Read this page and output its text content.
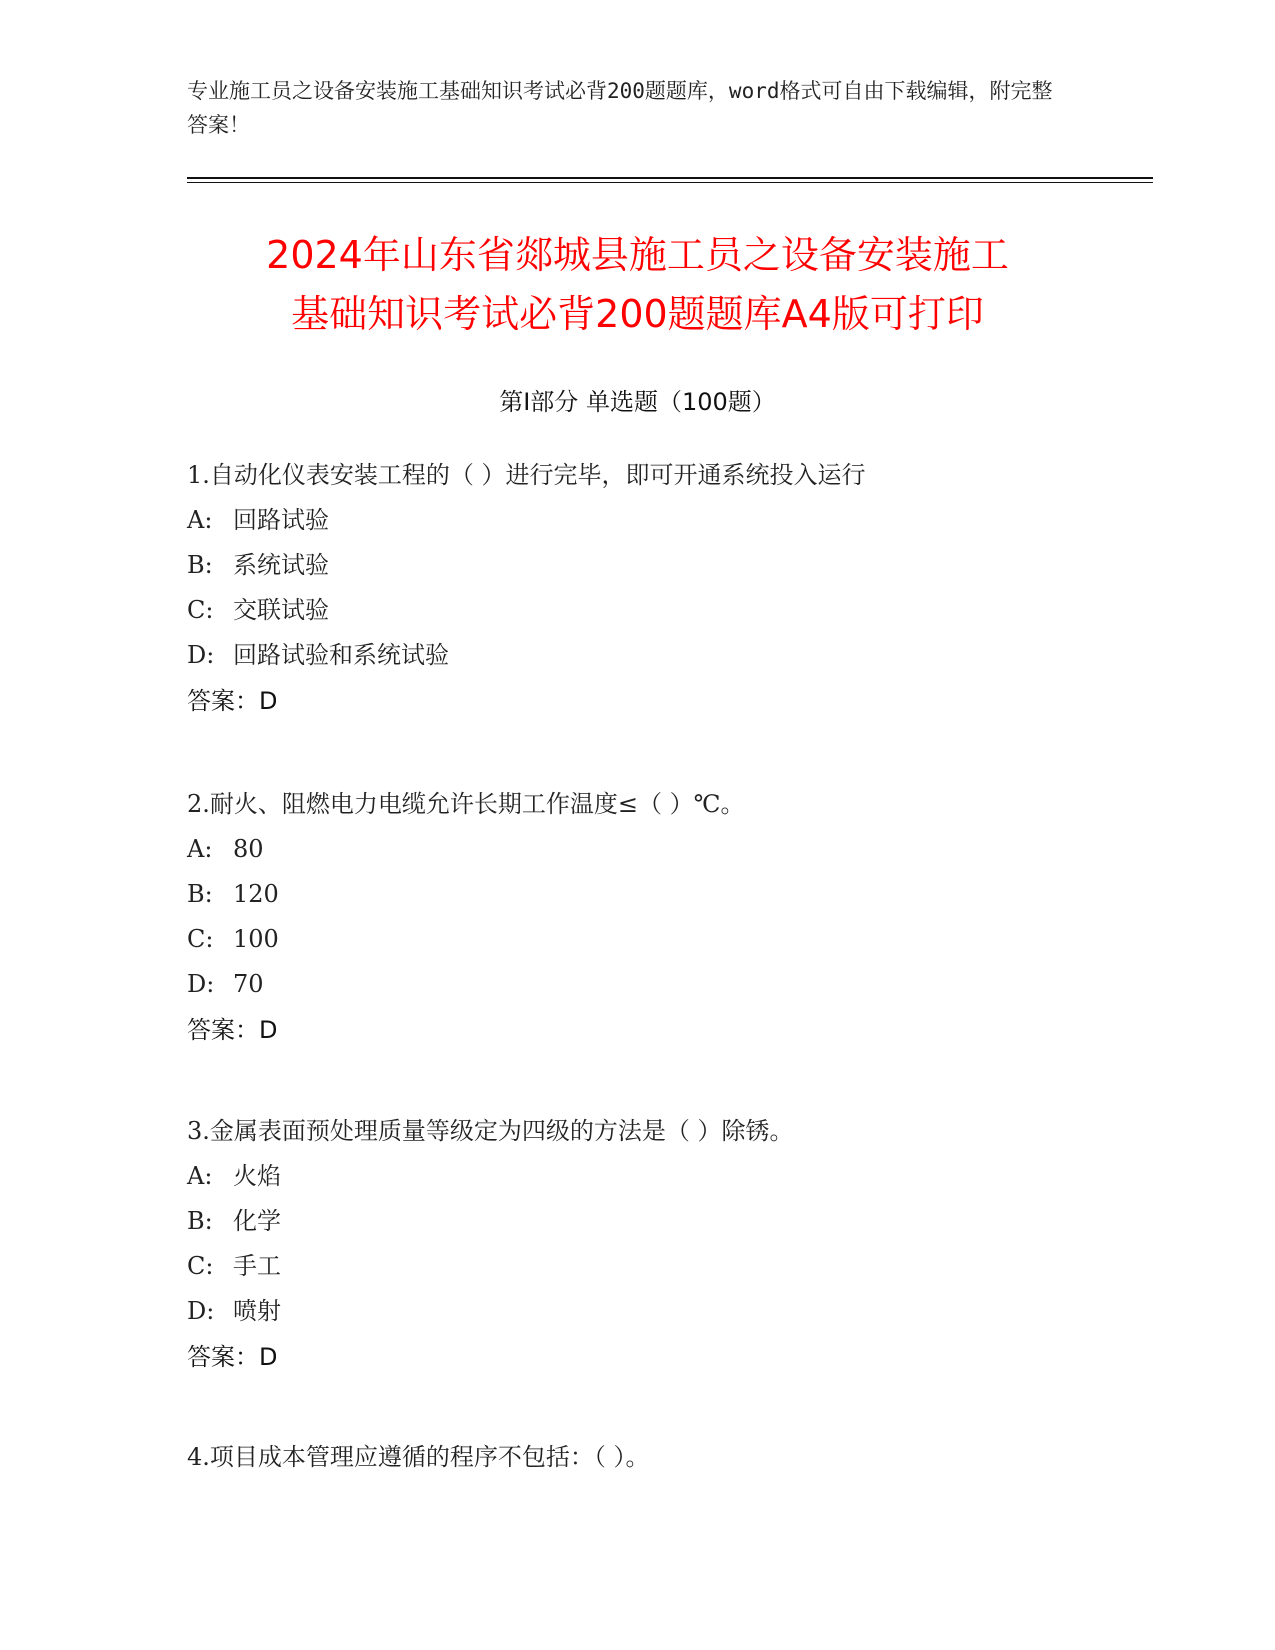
专业施工员之设备安装施工基础知识考试必背200题题库，word格式可自由下载编辑，附完整答案！
2024年山东省郯城县施工员之设备安装施工
基础知识考试必背200题题库A4版可打印
第Ⅰ部分 单选题（100题）
1.自动化仪表安装工程的（ ）进行完毕，即可开通系统投入运行
A: 回路试验
B: 系统试验
C: 交联试验
D: 回路试验和系统试验
答案：D
2.耐火、阻燃电力电缆允许长期工作温度≤（ ）℃。
A: 80
B: 120
C: 100
D: 70
答案：D
3.金属表面预处理质量等级定为四级的方法是（ ）除锈。
A: 火焰
B: 化学
C: 手工
D: 喷射
答案：D
4.项目成本管理应遵循的程序不包括：（ ）。
